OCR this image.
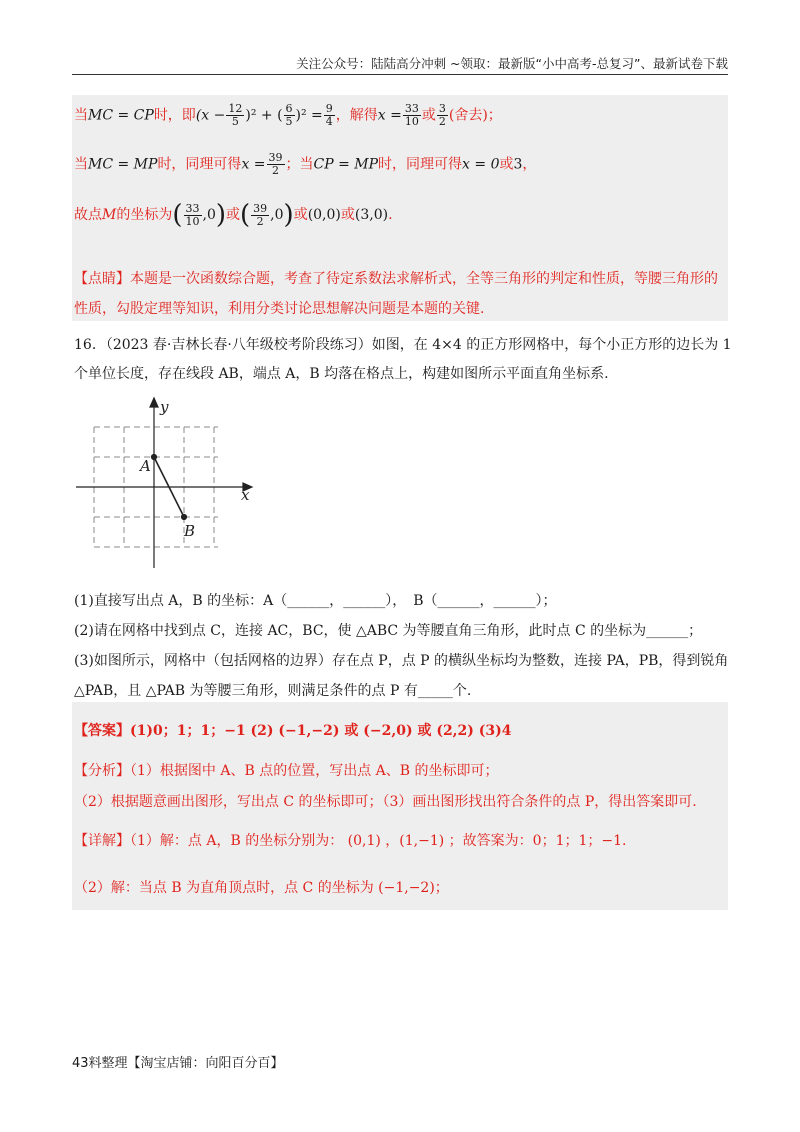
关注公众号：陆陆高分冲刺 ~领取：最新版“小中高考-总复习”、最新试卷下载
当MC = CP时，即$(x - \frac{12}{5} )^2$ + ( $\frac{6}{5} )^2 = \frac{9}{4}$ ，解得$x = \frac{33}{10}$ 或 $\frac{3}{2}$ (舍去)；
当MC = MP时，同理可得$x = \frac{39}{2}$ ；当CP = MP时，同理可得x = 0或3，
故点M的坐标为( $\frac{33}{10} ,0$)或( $\frac{39}{2} ,0$)或(0,0)或(3,0).
【点睛】本题是一次函数综合题，考查了待定系数法求解析式，全等三角形的判定和性质，等腰三角形的
性质，勾股定理等知识，利用分类讨论思想解决问题是本题的关键.
16．（2023 春·吉林长春·八年级校考阶段练习）如图，在 4×4 的正方形网格中，每个小正方形的边长为 1
个单位长度，存在线段 AB，端点 A，B 均落在格点上，构建如图所示平面直角坐标系.
y
x
A
B
(1)直接写出点 A，B 的坐标：A（______，______），　B（______，______）；
(2)请在网格中找到点 C，连接 AC，BC，使 △ABC 为等腰直角三角形，此时点 C 的坐标为______；
(3)如图所示，网格中（包括网格的边界）存在点 P，点 P 的横纵坐标均为整数，连接 PA，PB，得到锐角
△PAB，且 △PAB 为等腰三角形，则满足条件的点 P 有_____个.
【答案】(1)0；1；1；−1 (2) (−1,−2) 或 (−2,0) 或 (2,2) (3)4
【分析】（1）根据图中 A、B 点的位置，写出点 A、B 的坐标即可；
（2）根据题意画出图形，写出点 C 的坐标即可；（3）画出图形找出符合条件的点 P，得出答案即可.
【详解】（1）解：点 A，B 的坐标分别为： (0,1) ，(1,−1) ；故答案为：0；1；1；−1.
（2）解：当点 B 为直角顶点时，点 C 的坐标为 (−1,−2)；
43料整理【淘宝店铺：向阳百分百】
